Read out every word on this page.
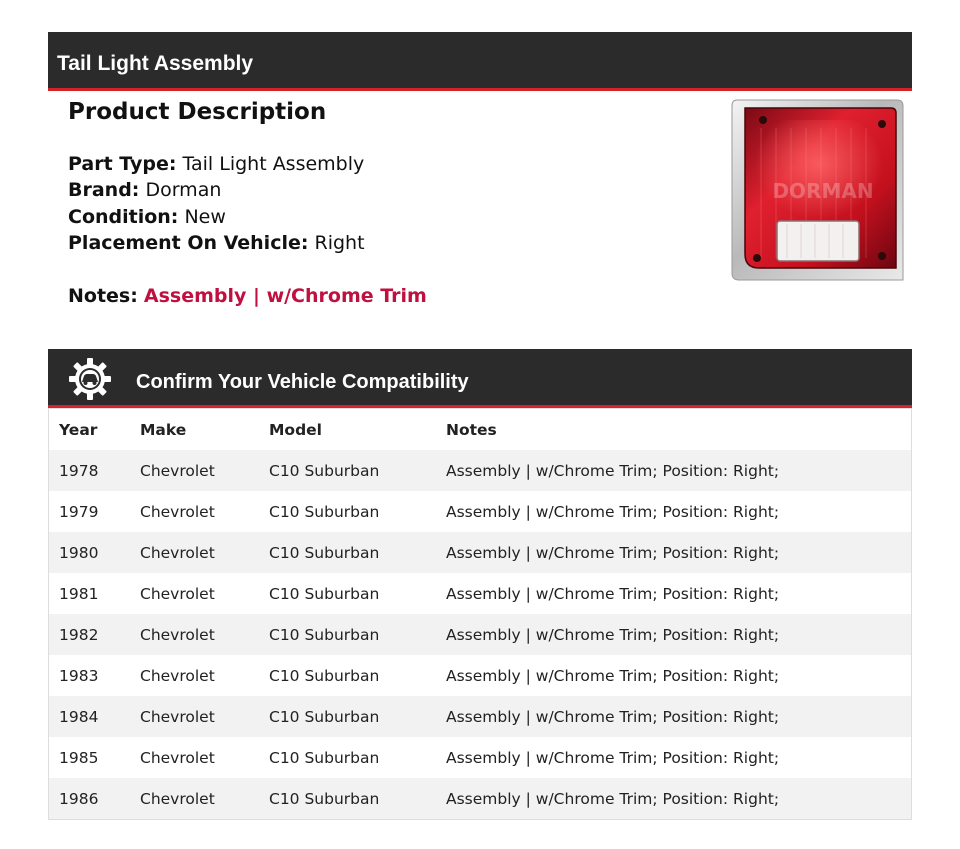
Tail Light Assembly
Product Description
Part Type: Tail Light Assembly
Brand: Dorman
Condition: New
Placement On Vehicle: Right
Notes: Assembly | w/Chrome Trim
DORMAN
Confirm Your Vehicle Compatibility
Year	Make	Model	Notes
1978	Chevrolet	C10 Suburban	Assembly | w/Chrome Trim; Position: Right;
1979	Chevrolet	C10 Suburban	Assembly | w/Chrome Trim; Position: Right;
1980	Chevrolet	C10 Suburban	Assembly | w/Chrome Trim; Position: Right;
1981	Chevrolet	C10 Suburban	Assembly | w/Chrome Trim; Position: Right;
1982	Chevrolet	C10 Suburban	Assembly | w/Chrome Trim; Position: Right;
1983	Chevrolet	C10 Suburban	Assembly | w/Chrome Trim; Position: Right;
1984	Chevrolet	C10 Suburban	Assembly | w/Chrome Trim; Position: Right;
1985	Chevrolet	C10 Suburban	Assembly | w/Chrome Trim; Position: Right;
1986	Chevrolet	C10 Suburban	Assembly | w/Chrome Trim; Position: Right;
